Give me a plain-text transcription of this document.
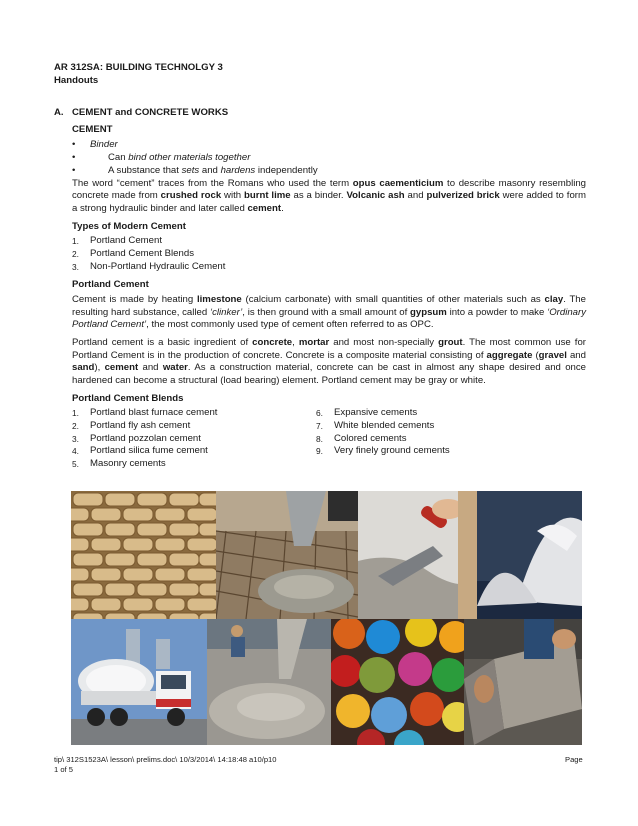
AR 312SA: BUILDING TECHNOLGY 3
Handouts
A. CEMENT and CONCRETE WORKS
CEMENT
• Binder
•	Can bind other materials together
•	A substance that sets and hardens independently

The word “cement” traces from the Romans who used the term opus caementicium to describe masonry resembling concrete made from crushed rock with burnt lime as a binder. Volcanic ash and pulverized brick were added to form a strong hydraulic binder and later called cement.

Types of Modern Cement
1. Portland Cement
2. Portland Cement Blends
3. Non-Portland Hydraulic Cement
Portland Cement

Cement is made by heating limestone (calcium carbonate) with small quantities of other materials such as clay. The resulting hard substance, called ‘clinker’, is then ground with a small amount of gypsum into a powder to make ‘Ordinary Portland Cement’, the most commonly used type of cement often referred to as OPC.

Portland cement is a basic ingredient of concrete, mortar and most non-specially grout. The most common use for Portland Cement is in the production of concrete. Concrete is a composite material consisting of aggregate (gravel and sand), cement and water. As a construction material, concrete can be cast in almost any shape desired and once hardened can become a structural (load bearing) element. Portland cement may be gray or white.

Portland Cement Blends
1. Portland blast furnace cement
2. Portland fly ash cement
3. Portland pozzolan cement
4. Portland silica fume cement
5. Masonry cements
6. Expansive cements
7. White blended cements
8. Colored cements
9. Very finely ground cements
tip\ 312S1523A\ lesson\ prelims.doc\ 10/3/2014\ 14:18:48 a10/p10
1 of 5
Page
